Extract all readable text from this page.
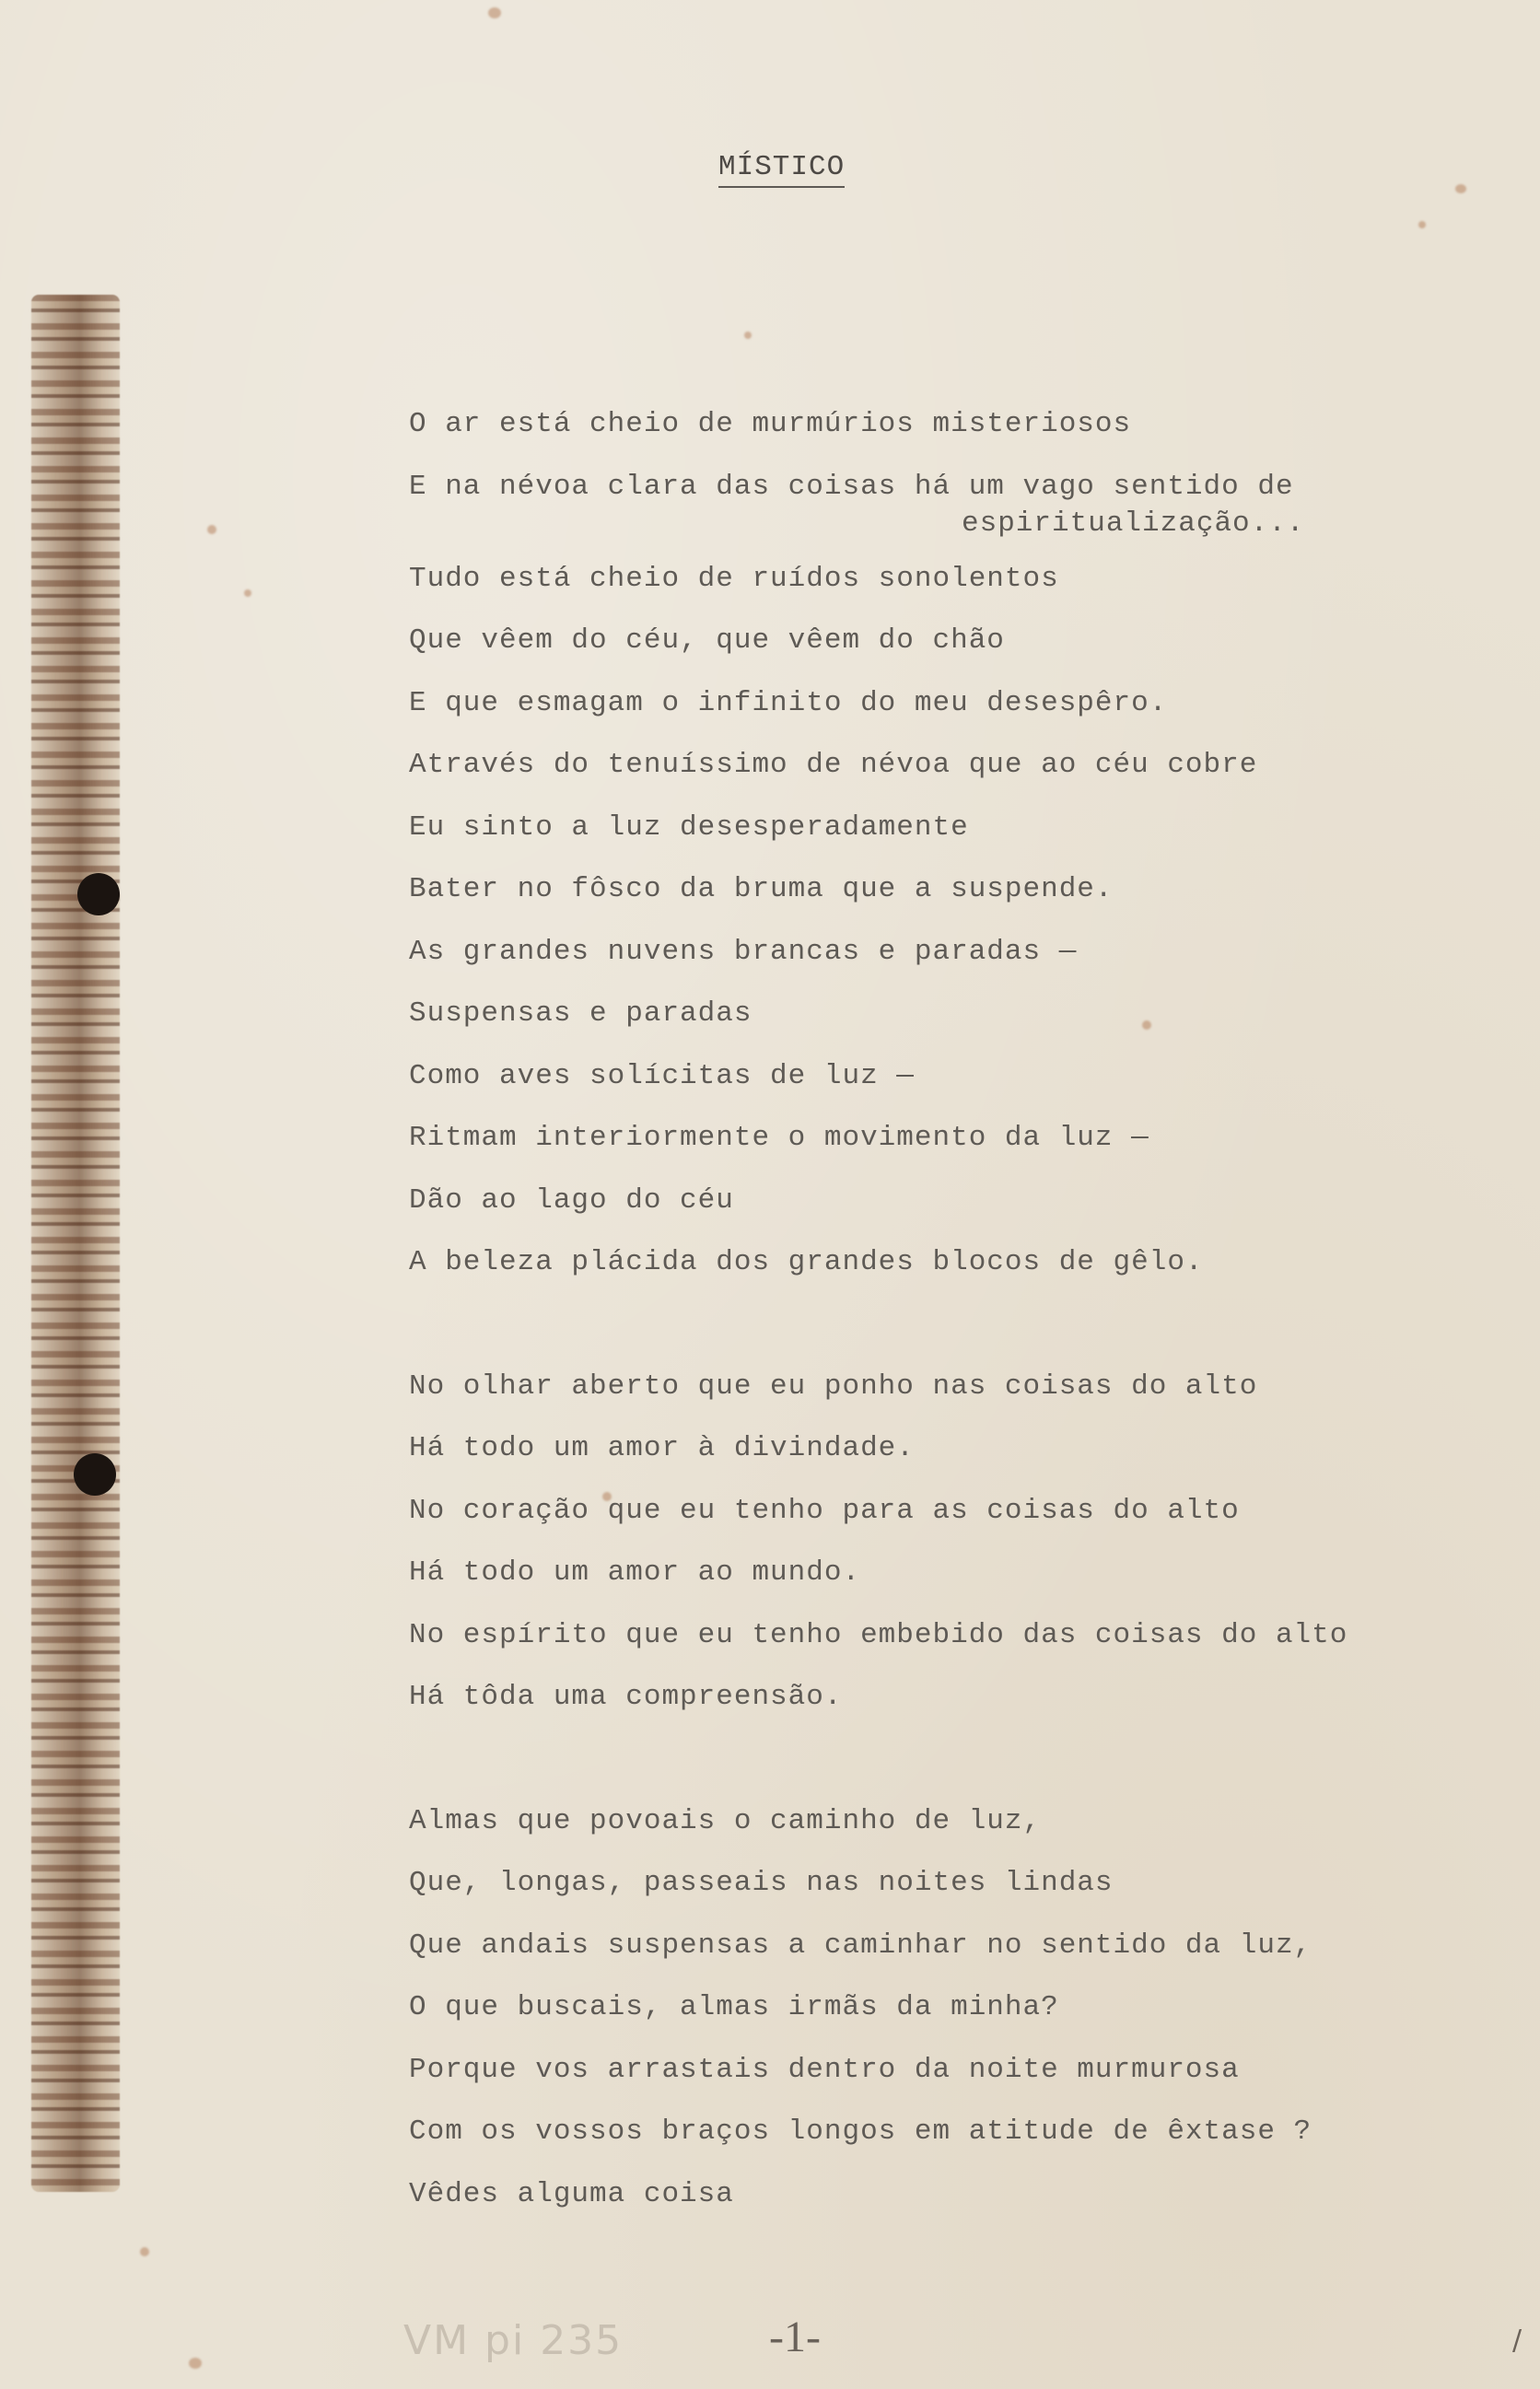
MÍSTICO
O ar está cheio de murmúrios misteriosos
E na névoa clara das coisas há um vago sentido de
espiritualização...
Tudo está cheio de ruídos sonolentos
Que vêem do céu, que vêem do chão
E que esmagam o infinito do meu desespêro.
Através do tenuíssimo de névoa que ao céu cobre
Eu sinto a luz desesperadamente
Bater no fôsco da bruma que a suspende.
As grandes nuvens brancas e paradas —
Suspensas e paradas
Como aves solícitas de luz —
Ritmam interiormente o movimento da luz —
Dão ao lago do céu
A beleza plácida dos grandes blocos de gêlo.
No olhar aberto que eu ponho nas coisas do alto
Há todo um amor à divindade.
No coração que eu tenho para as coisas do alto
Há todo um amor ao mundo.
No espírito que eu tenho embebido das coisas do alto
Há tôda uma compreensão.
Almas que povoais o caminho de luz,
Que, longas, passeais nas noites lindas
Que andais suspensas a caminhar no sentido da luz,
O que buscais, almas irmãs da minha?
Porque vos arrastais dentro da noite murmurosa
Com os vossos braços longos em atitude de êxtase ?
Vêdes alguma coisa
VM pi 235	-1-	/
